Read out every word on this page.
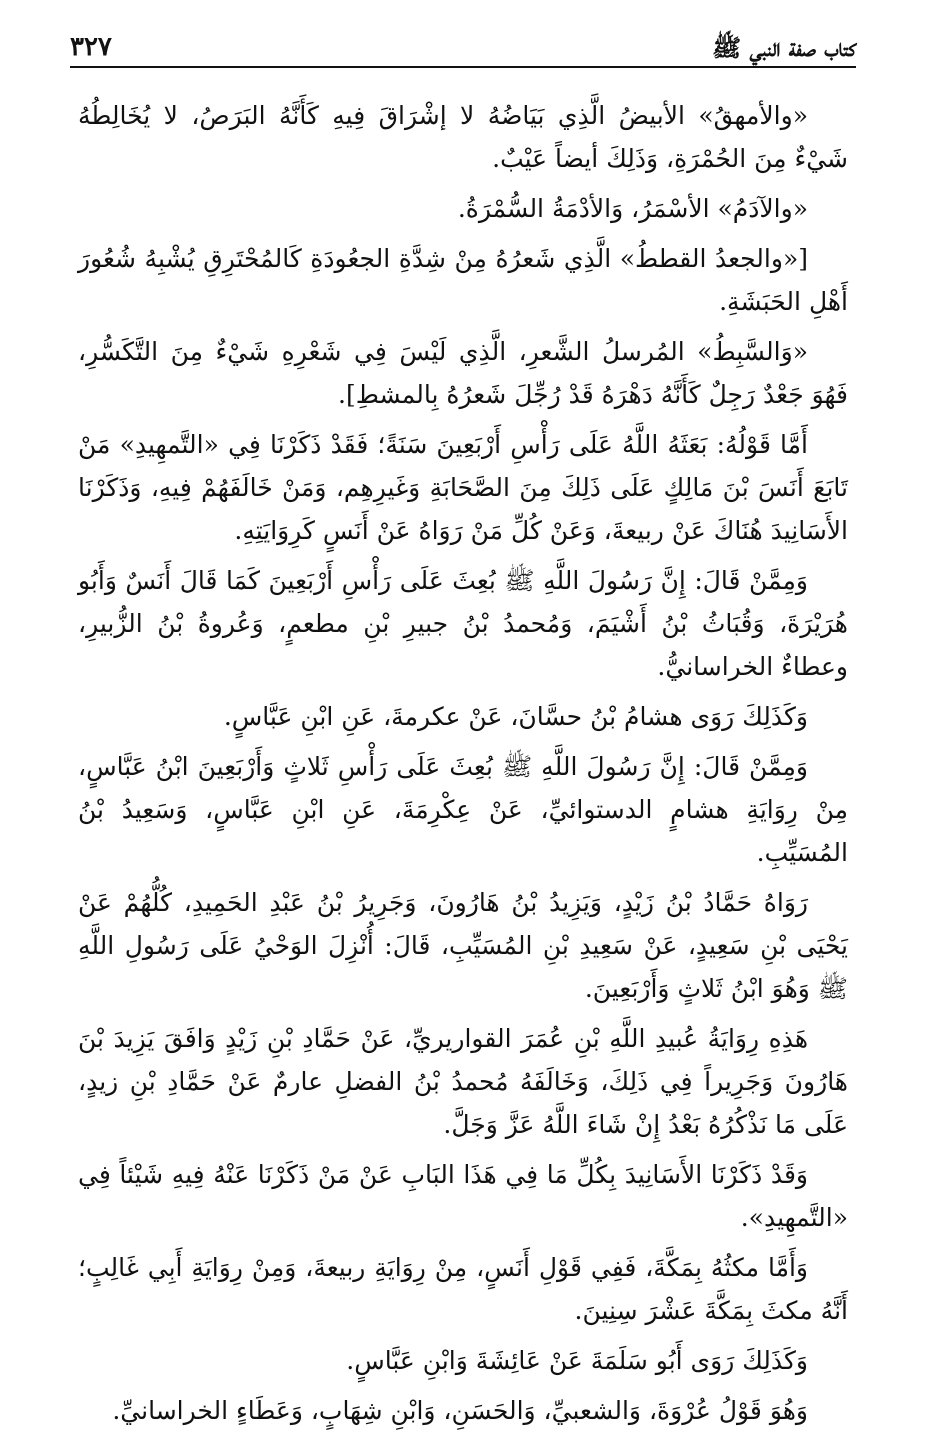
كتاب صفة النبي ﷺ
٣٢٧

«والأمهقُ» الأبيضُ الَّذِي بَيَاضُهُ لا إشْرَاقَ فِيهِ كَأَنَّهُ البَرَصُ، لا يُخَالِطُهُ شَيْءٌ مِنَ الحُمْرَةِ، وَذَلِكَ أيضاً عَيْبٌ.

«والآدَمُ» الأسْمَرُ، وَالأدْمَةُ السُّمْرَةُ.

[«والجعدُ القططُ» الَّذِي شَعرُهُ مِنْ شِدَّةِ الجعُودَةِ كَالمُحْتَرِقِ يُشْبِهُ شُعُورَ أَهْلِ الحَبَشَةِ.

«وَالسَّبِطُ» المُرسلُ الشَّعرِ، الَّذِي لَيْسَ فِي شَعْرِهِ شَيْءٌ مِنَ التَّكَسُّرِ، فَهُوَ جَعْدٌ رَجِلٌ كَأَنَّهُ دَهْرَهُ قَدْ رُجِّلَ شَعرُهُ بِالمشطِ].

أَمَّا قَوْلُهُ: بَعَثَهُ اللَّهُ عَلَى رَأْسِ أَرْبَعِينَ سَنَةً؛ فَقَدْ ذَكَرْنَا فِي «التَّمهِيدِ» مَنْ تَابَعَ أَنَسَ بْنَ مَالِكٍ عَلَى ذَلِكَ مِنَ الصَّحَابَةِ وَغَيرِهِم، وَمَنْ خَالَفَهُمْ فِيهِ، وَذَكَرْنَا الأَسَانِيدَ هُنَاكَ عَنْ ربيعةَ، وَعَنْ كُلِّ مَنْ رَوَاهُ عَنْ أَنَسٍ كَرِوَايَتِهِ.

وَمِمَّنْ قَالَ: إِنَّ رَسُولَ اللَّهِ ﷺ بُعِثَ عَلَى رَأْسِ أَرْبَعِينَ كَمَا قَالَ أَنَسٌ وَأَبُو هُرَيْرَةَ، وَقُبَاثُ بْنُ أَشْيَمَ، وَمُحمدُ بْنُ جبيرِ بْنِ مطعمٍ، وَعُروةُ بْنُ الزُّبيرِ، وعطاءٌ الخراسانيُّ.

وَكَذَلِكَ رَوَى هشامُ بْنُ حسَّانَ، عَنْ عكرمةَ، عَنِ ابْنِ عَبَّاسٍ.

وَمِمَّنْ قَالَ: إِنَّ رَسُولَ اللَّهِ ﷺ بُعِثَ عَلَى رَأْسِ ثَلاثٍ وَأَرْبَعِينَ ابْنُ عَبَّاسٍ، مِنْ رِوَايَةِ هشامٍ الدستوائيِّ، عَنْ عِكْرِمَةَ، عَنِ ابْنِ عَبَّاسٍ، وَسَعِيدُ بْنُ المُسَيِّبِ.

رَوَاهُ حَمَّادُ بْنُ زَيْدٍ، وَيَزِيدُ بْنُ هَارُونَ، وَجَرِيرُ بْنُ عَبْدِ الحَمِيدِ، كُلُّهُمْ عَنْ يَحْيَى بْنِ سَعِيدٍ، عَنْ سَعِيدِ بْنِ المُسَيِّبِ، قَالَ: أُنْزِلَ الوَحْيُ عَلَى رَسُولِ اللَّهِ ﷺ وَهُوَ ابْنُ ثَلاثٍ وَأَرْبَعِينَ.

هَذِهِ رِوَايَةُ عُبيدِ اللَّهِ بْنِ عُمَرَ القواريريِّ، عَنْ حَمَّادِ بْنِ زَيْدٍ وَافَقَ يَزِيدَ بْنَ هَارُونَ وَجَرِيراً فِي ذَلِكَ، وَخَالَفَهُ مُحمدُ بْنُ الفضلِ عارمٌ عَنْ حَمَّادِ بْنِ زيدٍ، عَلَى مَا نَذْكُرُهُ بَعْدُ إِنْ شَاءَ اللَّهُ عَزَّ وَجَلَّ.

وَقَدْ ذَكَرْنَا الأَسَانِيدَ بِكُلِّ مَا فِي هَذَا البَابِ عَنْ مَنْ ذَكَرْنَا عَنْهُ فِيهِ شَيْئاً فِي «التَّمهِيدِ».

وَأَمَّا مكثُهُ بِمَكَّةَ، فَفِي قَوْلِ أَنَسٍ، مِنْ رِوَايَةِ ربيعةَ، وَمِنْ رِوَايَةِ أَبِي غَالِبٍ؛ أَنَّهُ مكثَ بِمَكَّةَ عَشْرَ سِنِينَ.

وَكَذَلِكَ رَوَى أَبُو سَلَمَةَ عَنْ عَائِشَةَ وَابْنِ عَبَّاسٍ.

وَهُوَ قَوْلُ عُرْوَةَ، وَالشعبيِّ، وَالحَسَنِ، وَابْنِ شِهَابٍ، وَعَطَاءٍ الخراسانيِّ.
